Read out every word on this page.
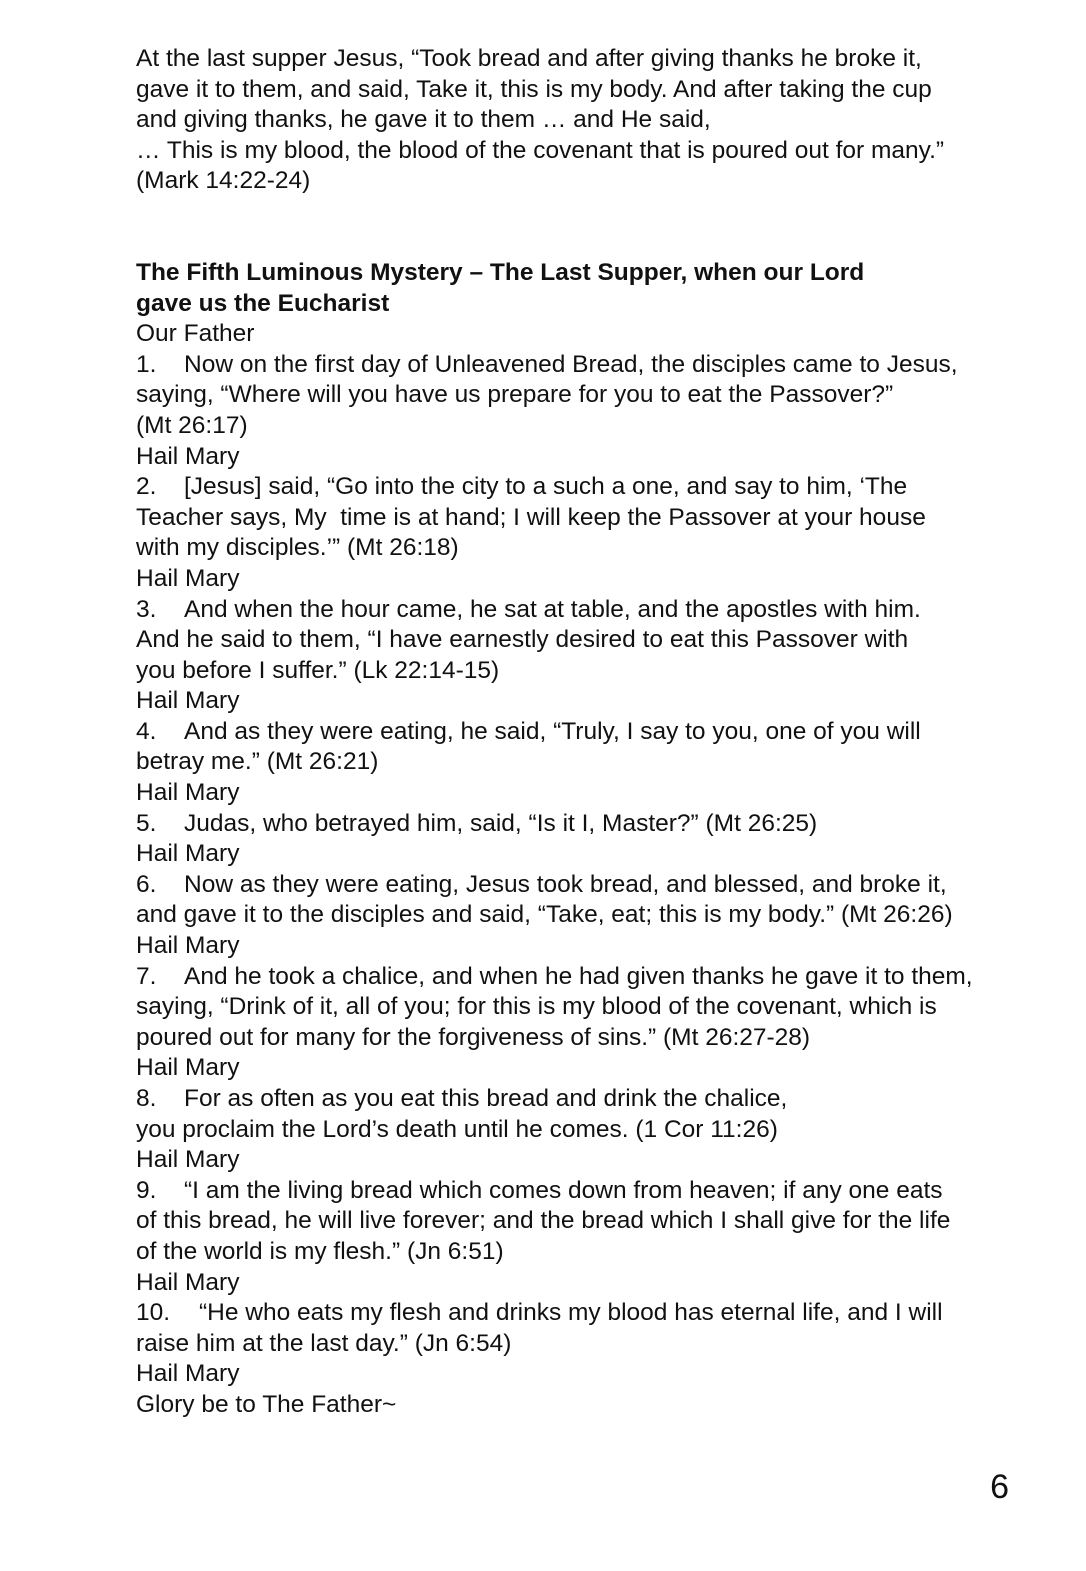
At the last supper Jesus, “Took bread and after giving thanks he broke it,

gave it to them, and said, Take it, this is my body. And after taking the cup

and giving thanks, he gave it to them … and He said,

… This is my blood, the blood of the covenant that is poured out for many.”

(Mark 14:22-24)

The Fifth Luminous Mystery – The Last Supper, when our Lord

gave us the Eucharist

Our Father

1. Now on the first day of Unleavened Bread, the disciples came to Jesus,

saying, “Where will you have us prepare for you to eat the Passover?”

(Mt 26:17)

Hail Mary

2. [Jesus] said, “Go into the city to a such a one, and say to him, ‘The

Teacher says, My  time is at hand; I will keep the Passover at your house

with my disciples.’” (Mt 26:18)

Hail Mary

3. And when the hour came, he sat at table, and the apostles with him.

And he said to them, “I have earnestly desired to eat this Passover with

you before I suffer.” (Lk 22:14-15)

Hail Mary

4. And as they were eating, he said, “Truly, I say to you, one of you will

betray me.” (Mt 26:21)

Hail Mary

5. Judas, who betrayed him, said, “Is it I, Master?” (Mt 26:25)

Hail Mary

6. Now as they were eating, Jesus took bread, and blessed, and broke it,

and gave it to the disciples and said, “Take, eat; this is my body.” (Mt 26:26)

Hail Mary

7. And he took a chalice, and when he had given thanks he gave it to them,

saying, “Drink of it, all of you; for this is my blood of the covenant, which is

poured out for many for the forgiveness of sins.” (Mt 26:27-28)

Hail Mary

8. For as often as you eat this bread and drink the chalice,

you proclaim the Lord’s death until he comes. (1 Cor 11:26)

Hail Mary

9. “I am the living bread which comes down from heaven; if any one eats

of this bread, he will live forever; and the bread which I shall give for the life

of the world is my flesh.” (Jn 6:51)

Hail Mary

10. “He who eats my flesh and drinks my blood has eternal life, and I will

raise him at the last day.” (Jn 6:54)

Hail Mary

Glory be to The Father~

6
